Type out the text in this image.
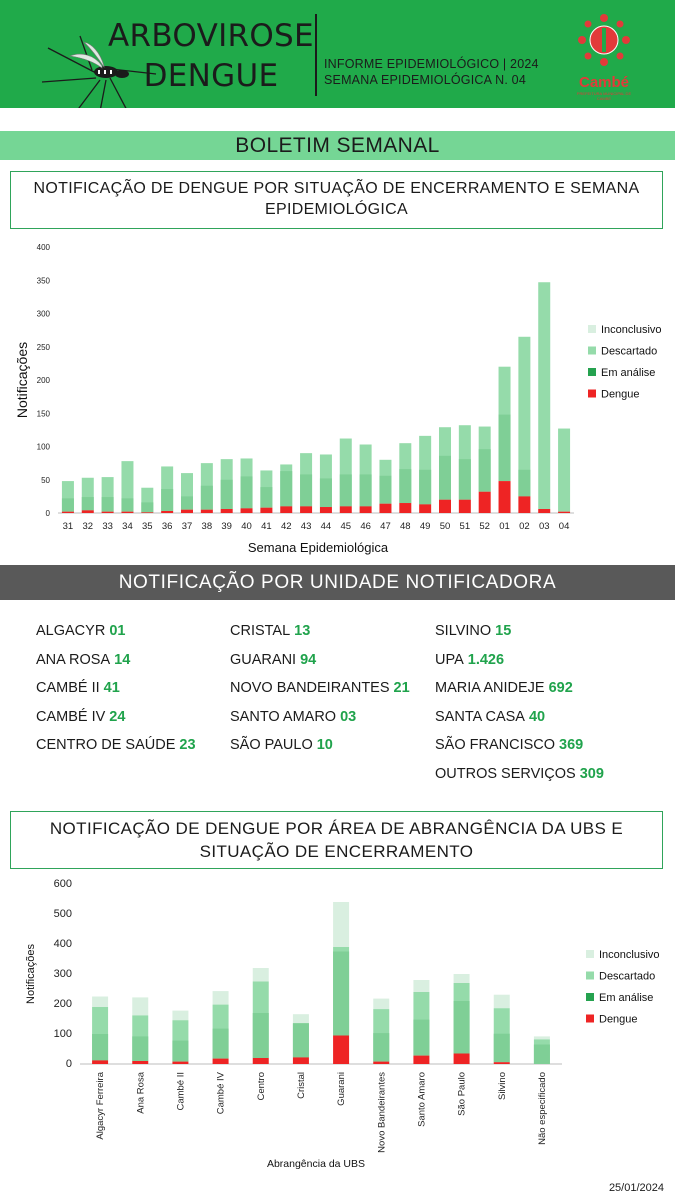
ARBOVIROSE
DENGUE	INFORME EPIDEMIOLÓGICO | 2024
SEMANA EPIDEMIOLÓGICA N. 04	Cambé
PREFEITURA MUNICIPAL DE CAMBÉ
BOLETIM SEMANAL
NOTIFICAÇÃO DE DENGUE POR SITUAÇÃO DE ENCERRAMENTO E SEMANA EPIDEMIOLÓGICA
0
50
100
150
200
250
300
350
400
31 32 33 34 35 36 37 38 39 40 41 42 43 44 45 46 47 48 49 50 51 52 01 02 03 04
Notificações
Semana Epidemiológica
Inconclusivo
Descartado
Em análise
Dengue
NOTIFICAÇÃO POR UNIDADE NOTIFICADORA
ALGACYR 01
ANA ROSA 14
CAMBÉ II 41
CAMBÉ IV 24
CENTRO DE SAÚDE 23
CRISTAL 13
GUARANI 94
NOVO BANDEIRANTES 21
SANTO AMARO 03
SÃO PAULO 10
SILVINO 15
UPA 1.426
MARIA ANIDEJE 692
SANTA CASA 40
SÃO FRANCISCO 369
OUTROS SERVIÇOS 309
NOTIFICAÇÃO DE DENGUE POR ÁREA DE ABRANGÊNCIA DA UBS E SITUAÇÃO DE ENCERRAMENTO
0
100
200
300
400
500
600
Algacyr Ferreira	Ana Rosa	Cambé II	Cambé IV	Centro	Cristal	Guarani	Novo Bandeirantes	Santo Amaro	São Paulo	Silvino	Não especificado
Notificações
Abrangência da UBS
Inconclusivo
Descartado
Em análise
Dengue
25/01/2024
